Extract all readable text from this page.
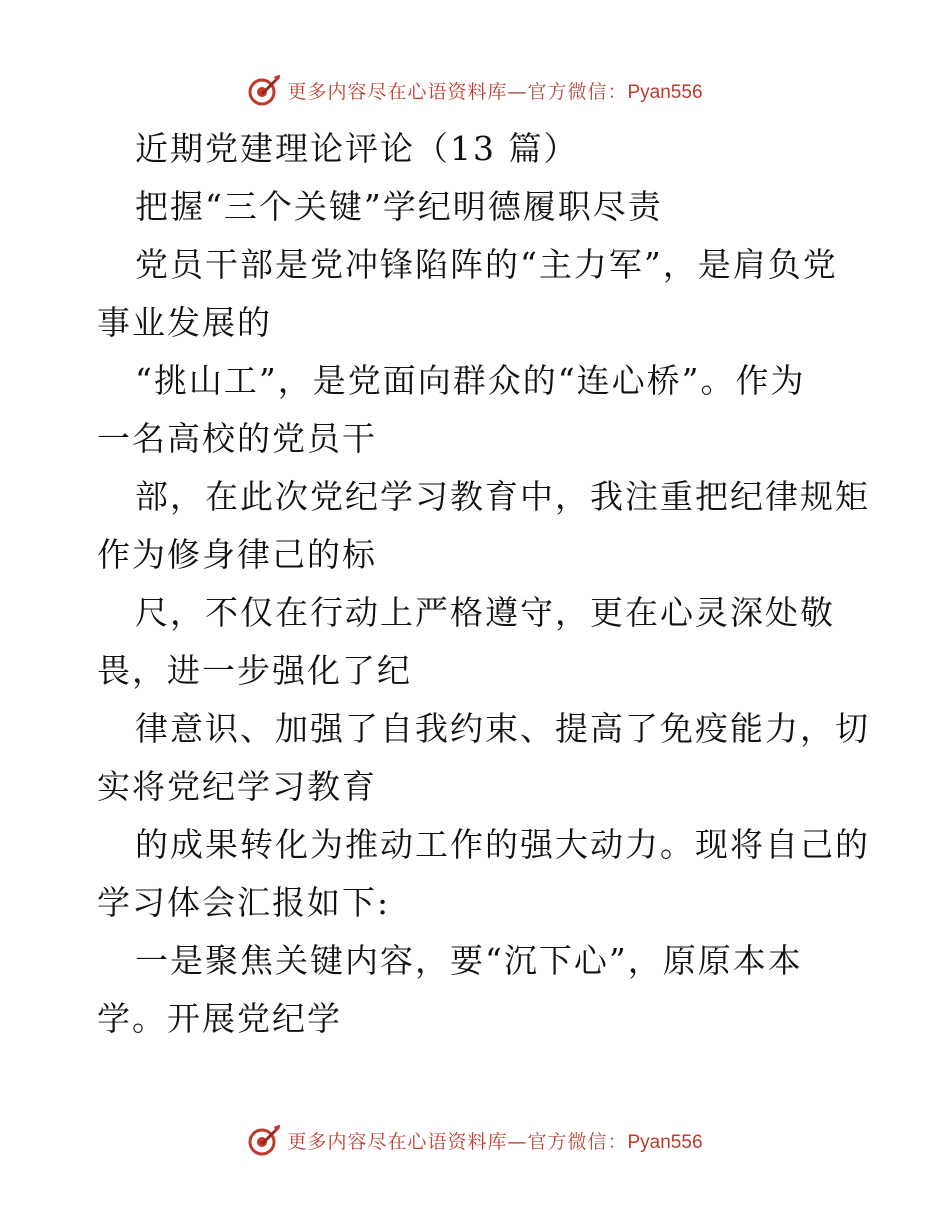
更多内容尽在心语资料库—官方微信：Pyan556
近期党建理论评论（13 篇）
把握“三个关键”学纪明德履职尽责
党员干部是党冲锋陷阵的“主力军”，是肩负党
事业发展的
“挑山工”，是党面向群众的“连心桥”。作为
一名高校的党员干
部，在此次党纪学习教育中，我注重把纪律规矩
作为修身律己的标
尺，不仅在行动上严格遵守，更在心灵深处敬
畏，进一步强化了纪
律意识、加强了自我约束、提高了免疫能力，切
实将党纪学习教育
的成果转化为推动工作的强大动力。现将自己的
学习体会汇报如下:
一是聚焦关键内容，要“沉下心”，原原本本
学。开展党纪学
更多内容尽在心语资料库—官方微信：Pyan556
